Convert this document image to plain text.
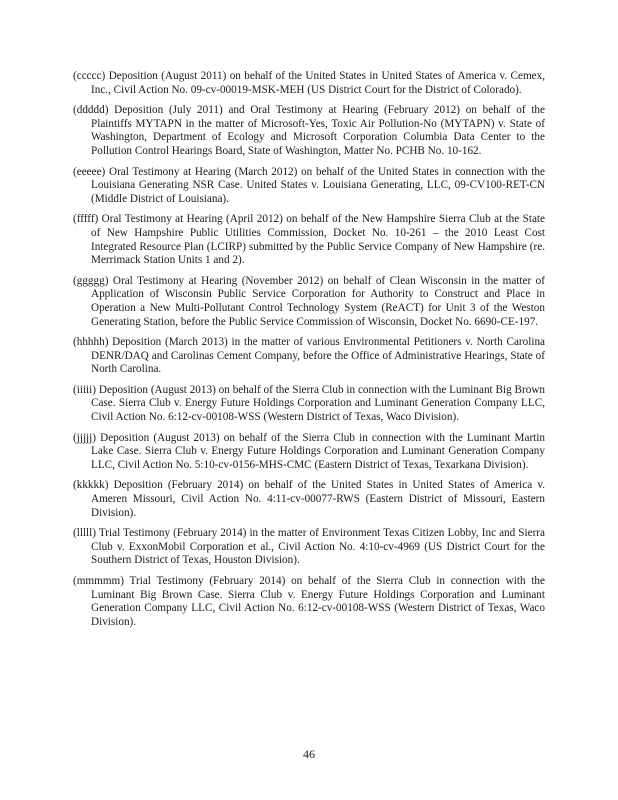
(ccccc) Deposition (August 2011) on behalf of the United States in United States of America v. Cemex, Inc., Civil Action No. 09-cv-00019-MSK-MEH (US District Court for the District of Colorado).
(ddddd) Deposition (July 2011) and Oral Testimony at Hearing (February 2012) on behalf of the Plaintiffs MYTAPN in the matter of Microsoft-Yes, Toxic Air Pollution-No (MYTAPN) v. State of Washington, Department of Ecology and Microsoft Corporation Columbia Data Center to the Pollution Control Hearings Board, State of Washington, Matter No. PCHB No. 10-162.
(eeeee) Oral Testimony at Hearing (March 2012) on behalf of the United States in connection with the Louisiana Generating NSR Case. United States v. Louisiana Generating, LLC, 09-CV100-RET-CN (Middle District of Louisiana).
(fffff) Oral Testimony at Hearing (April 2012) on behalf of the New Hampshire Sierra Club at the State of New Hampshire Public Utilities Commission, Docket No. 10-261 – the 2010 Least Cost Integrated Resource Plan (LCIRP) submitted by the Public Service Company of New Hampshire (re. Merrimack Station Units 1 and 2).
(ggggg) Oral Testimony at Hearing (November 2012) on behalf of Clean Wisconsin in the matter of Application of Wisconsin Public Service Corporation for Authority to Construct and Place in Operation a New Multi-Pollutant Control Technology System (ReACT) for Unit 3 of the Weston Generating Station, before the Public Service Commission of Wisconsin, Docket No. 6690-CE-197.
(hhhhh) Deposition (March 2013) in the matter of various Environmental Petitioners v. North Carolina DENR/DAQ and Carolinas Cement Company, before the Office of Administrative Hearings, State of North Carolina.
(iiiii) Deposition (August 2013) on behalf of the Sierra Club in connection with the Luminant Big Brown Case. Sierra Club v. Energy Future Holdings Corporation and Luminant Generation Company LLC, Civil Action No. 6:12-cv-00108-WSS (Western District of Texas, Waco Division).
(jjjjj) Deposition (August 2013) on behalf of the Sierra Club in connection with the Luminant Martin Lake Case. Sierra Club v. Energy Future Holdings Corporation and Luminant Generation Company LLC, Civil Action No. 5:10-cv-0156-MHS-CMC (Eastern District of Texas, Texarkana Division).
(kkkkk) Deposition (February 2014) on behalf of the United States in United States of America v. Ameren Missouri, Civil Action No. 4:11-cv-00077-RWS (Eastern District of Missouri, Eastern Division).
(lllll) Trial Testimony (February 2014) in the matter of Environment Texas Citizen Lobby, Inc and Sierra Club v. ExxonMobil Corporation et al., Civil Action No. 4:10-cv-4969 (US District Court for the Southern District of Texas, Houston Division).
(mmmmm) Trial Testimony (February 2014) on behalf of the Sierra Club in connection with the Luminant Big Brown Case. Sierra Club v. Energy Future Holdings Corporation and Luminant Generation Company LLC, Civil Action No. 6:12-cv-00108-WSS (Western District of Texas, Waco Division).
46
